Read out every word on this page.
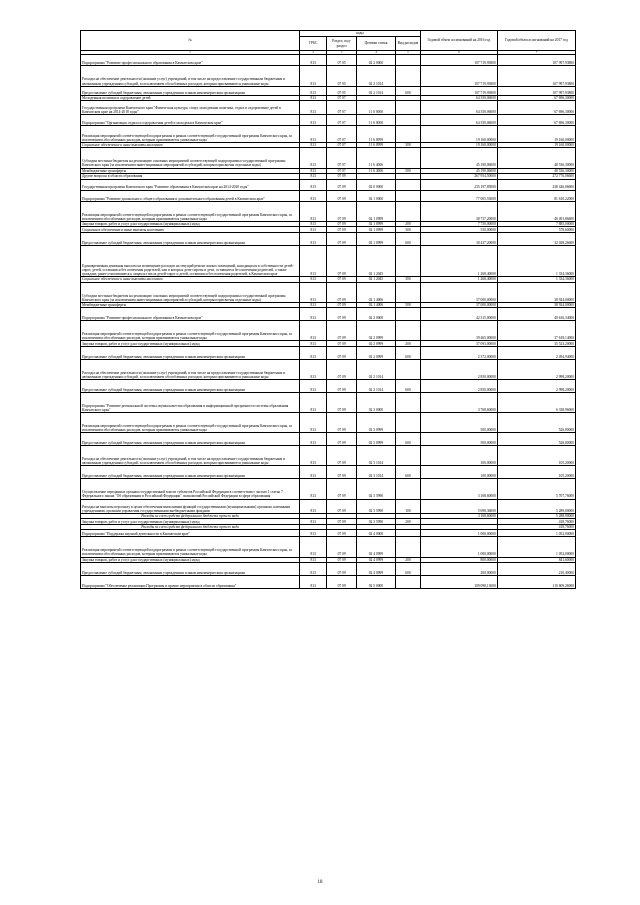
№	коды				Годовой объем ассигнований на 2016 год	Годовой объем ассигнований на 2017 год
	ГРБС	Раздел, под-раздел	Целевая статья	Вид расходов		
1	2	3	4	5	6	7
Подпрограмма "Развитие профессионального образования в Камчатском крае"	813	07 05	02 2 0000		107 719,93800	107 997,93800
Расходы на обеспечение деятельности (оказание услуг) учреждений, в том числе на предоставление государственным бюджетным и автономным учреждениям субсидий, за исключением обособленных расходов, которым присваиваются уникальные коды	813	07 05	02 2 1014		107 719,93800	107 997,93800
Предоставление субсидий бюджетным, автономным учреждениям и иным некоммерческим организациям	813	07 05	02 2 1014	600	107 719,93800	107 997,93800
Молодежная политика и оздоровление детей	813	07 07			64 350,06000	67 696,30000
Государственная программа Камчатского края "Физическая культура, спорт, молодежная политика, отдых и оздоровление детей в Камчатском крае на 2014-2018 годы"	813	07 07	11 0 0000		64 350,06000	67 696,30000
Подпрограмма "Организация отдыха и оздоровления детей и молодежи в Камчатском крае"	813	07 07	11 6 0000		64 350,06000	67 696,30000
Реализация мероприятий соответствующей подпрограммы в рамках соответствующей государственной программы Камчатского края, за исключением обособленных расходов, которым присваиваются уникальные коды	813	07 07	11 6 0999		19 160,00000	19 160,00000
Социальное обеспечение и иные выплаты населению	813	07 07	11 6 0999	300	19 160,00000	19 160,00000
Субсидии местным бюджетам на реализацию основных мероприятий соответствующей подпрограммы государственной программы Камчатского края (за исключением инвестиционных мероприятий и субсидий, которым присвоены отдельные коды)	813	07 07	11 6 4006		45 190,06000	48 536,30000
Межбюджетные трансферты	813	07 07	11 6 4006	500	45 190,06000	48 536,30000
Другие вопросы в области образования	813	07 09			267 954,50000	272 776,06600
Государственная программа Камчатского края "Развитие образования в Камчатском крае на 2014-2020 годы"	813	07 09	02 0 0000		235 197,85000	238 426,06600
Подпрограмма "Развитие дошкольного, общего образования и дополнительного образования детей в Камчатском крае"	813	07 09	02 1 0000		77 005,53000	81 610,22000
Реализация мероприятий соответствующей подпрограммы в рамках соответствующей государственной программы Камчатского края, за исключением обособленных расходов, которым присваиваются уникальные коды	813	07 09	02 1 0999		38 737,20000	40 491,86600
Закупка товаров, работ и услуг для государственных (муниципальных) нужд	813	07 09	02 1 0999	200	7 750,00000	7 885,00000
Социальное обеспечение и иные выплаты населению	813	07 09	02 1 0999	300	550,00000	578,60000
Предоставление субсидий бюджетным, автономным учреждениям и иным некоммерческим организациям	813	07 09	02 1 0999	600	30 437,20000	32 028,26600
Единовременная денежная выплата на возмещение расходов на текущий ремонт жилых помещений, находящихся в собственности детей-сирот, детей, оставшихся без попечения родителей, или в которых дети-сироты и дети, оставшиеся без попечения родителей, а также граждане, ранее относившиеся к лицам из числа детей-сирот и детей, оставшихся без попечения родителей, в Камчатском крае	813	07 09	02 1 2045		1 268,40000	1 334,36000
Социальное обеспечение и иные выплаты населению	813	07 09	02 1 2045	300	1 268,40000	1 334,36000
Субсидии местным бюджетам на реализацию основных мероприятий соответствующей подпрограммы государственной программы Камчатского края (за исключением инвестиционных мероприятий и субсидий, которым присвоены отдельные коды)	813	07 09	02 1 4006		37 000,00000	38 924,00000
Межбюджетные трансферты	813	07 09	02 1 4006	500	37 000,00000	38 924,00000
Подпрограмма "Развитие профессионального образования в Камчатском крае"	813	07 09	02 2 0000		42 315,00000	40 616,34000
Реализация мероприятий соответствующей подпрограммы в рамках соответствующей государственной программы Камчатского края, за исключением обособленных расходов, которым присваиваются уникальные коды	813	07 09	02 2 0999		39 465,00000	37 618,14000
Закупка товаров, работ и услуг для государственных (муниципальных) нужд	813	07 09	02 2 0999	200	37 093,00000	35 523,20000
Предоставление субсидий бюджетным, автономным учреждениям и иным некоммерческим организациям	813	07 09	02 2 0999	600	2 372,00000	2 494,94000
Расходы на обеспечение деятельности (оказание услуг) учреждений, в том числе на предоставление государственным бюджетным и автономным учреждениям субсидий, за исключением обособленных расходов, которым присваиваются уникальные коды	813	07 09	02 2 1014		2 850,00000	2 998,20000
Предоставление субсидий бюджетным, автономным учреждениям и иным некоммерческим организациям	813	07 09	02 2 1014	600	2 850,00000	2 998,20000
Подпрограмма "Развитие региональной системы оценки качества образования и информационной прозрачности системы образования Камчатского края"	813	07 09	02 3 0000		3 768,60000	6 338,96000
Реализация мероприятий соответствующей подпрограммы в рамках соответствующей государственной программы Камчатского края, за исключением обособленных расходов, которым присваиваются уникальные коды	813	07 09	02 3 0999		500,00000	526,00000
Предоставление субсидий бюджетным, автономным учреждениям и иным некоммерческим организациям	813	07 09	02 3 0999	600	500,00000	526,00000
Расходы на обеспечение деятельности (оказание услуг) учреждений, в том числе на предоставление государственным бюджетным и автономным учреждениям субсидий, за исключением обособленных расходов, которым присваиваются уникальные коды	813	07 09	02 3 1014		100,00000	105,20000
Предоставление субсидий бюджетным, автономным учреждениям и иным некоммерческим организациям	813	07 09	02 3 1014	600	100,00000	105,20000
Осуществление переданных органам государственной власти субъектов Российской Федерации в соответствии с частью 1 статьи 7 Федерального закона "Об образовании в Российской Федерации" полномочий Российской Федерации в сфере образования	813	07 09	02 3 5990		3 168,60000	5 707,76000
Расходы на выплаты персоналу в целях обеспечения выполнения функций государственными (муниципальными) органами, казенными учреждениями, органами управления государственными внебюджетными фондами	813	07 09	02 3 5990	100	5 698,36000	5 289,00000
Расходы за счет средств федерального бюджета прочего вида					3 168,60000	5 288,90000
Закупка товаров, работ и услуг для государственных (муниципальных) нужд	813	07 09	02 3 5990	200		418,76000
Расходы за счет средств федерального бюджета прочего вида						418,76000
Подпрограмма "Поддержка научной деятельности в Камчатском крае"	813	07 09	02 4 0000		1 000,00000	1 052,00000
Реализация мероприятий соответствующей подпрограммы в рамках соответствующей государственной программы Камчатского края, за исключением обособленных расходов, которым присваиваются уникальные коды	813	07 09	02 4 0999		1 000,00000	1 052,00000
Закупка товаров, работ и услуг для государственных (муниципальных) нужд	813	07 09	02 4 0999	200	800,00000	841,60000
Предоставление субсидий бюджетным, автономным учреждениям и иным некоммерческим организациям	813	07 09	02 4 0999	600	200,00000	210,40000
Подпрограмма "Обеспечение реализации Программы и прочие мероприятия в области образования"	813	07 09	02 5 0000		109 098,13000	110 609,26000
18
